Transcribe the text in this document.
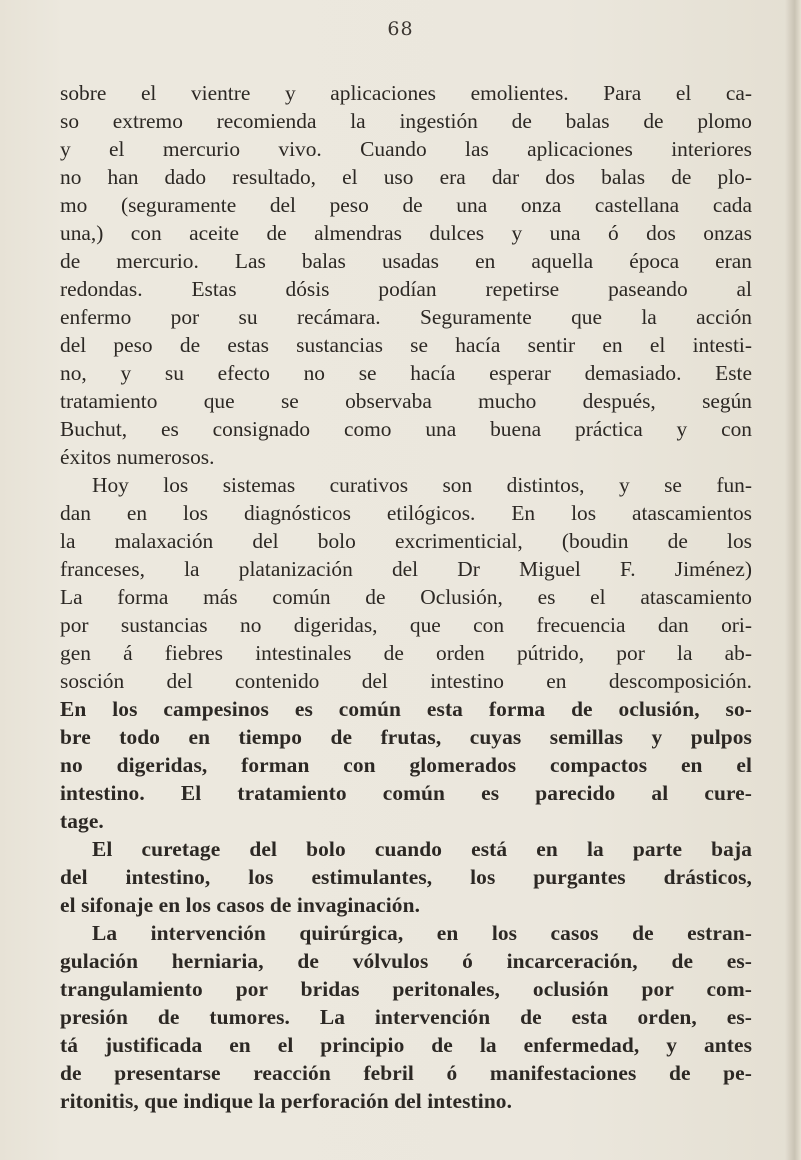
68
sobre el vientre y aplicaciones emolientes. Para el ca-
so extremo recomienda la ingestión de balas de plomo
y el mercurio vivo. Cuando las aplicaciones interiores
no han dado resultado, el uso era dar dos balas de plo-
mo (seguramente del peso de una onza castellana cada
una,) con aceite de almendras dulces y una ó dos onzas
de mercurio. Las balas usadas en aquella época eran
redondas. Estas dósis podían repetirse paseando al
enfermo por su recámara. Seguramente que la acción
del peso de estas sustancias se hacía sentir en el intesti-
no, y su efecto no se hacía esperar demasiado. Este
tratamiento que se observaba mucho después, según
Buchut, es consignado como una buena práctica y con
éxitos numerosos.
Hoy los sistemas curativos son distintos, y se fun-
dan en los diagnósticos etilógicos. En los atascamientos
la malaxación del bolo excrimenticial, (boudin de los
franceses, la platanización del Dr Miguel F. Jiménez)
La forma más común de Oclusión, es el atascamiento
por sustancias no digeridas, que con frecuencia dan ori-
gen á fiebres intestinales de orden pútrido, por la ab-
sosción del contenido del intestino en descomposición.
En los campesinos es común esta forma de oclusión, so-
bre todo en tiempo de frutas, cuyas semillas y pulpos
no digeridas, forman con glomerados compactos en el
intestino. El tratamiento común es parecido al cure-
tage.
El curetage del bolo cuando está en la parte baja
del intestino, los estimulantes, los purgantes drásticos,
el sifonaje en los casos de invaginación.
La intervención quirúrgica, en los casos de estran-
gulación herniaria, de vólvulos ó incarceración, de es-
trangulamiento por bridas peritonales, oclusión por com-
presión de tumores. La intervención de esta orden, es-
tá justificada en el principio de la enfermedad, y antes
de presentarse reacción febril ó manifestaciones de pe-
ritonitis, que indique la perforación del intestino.
